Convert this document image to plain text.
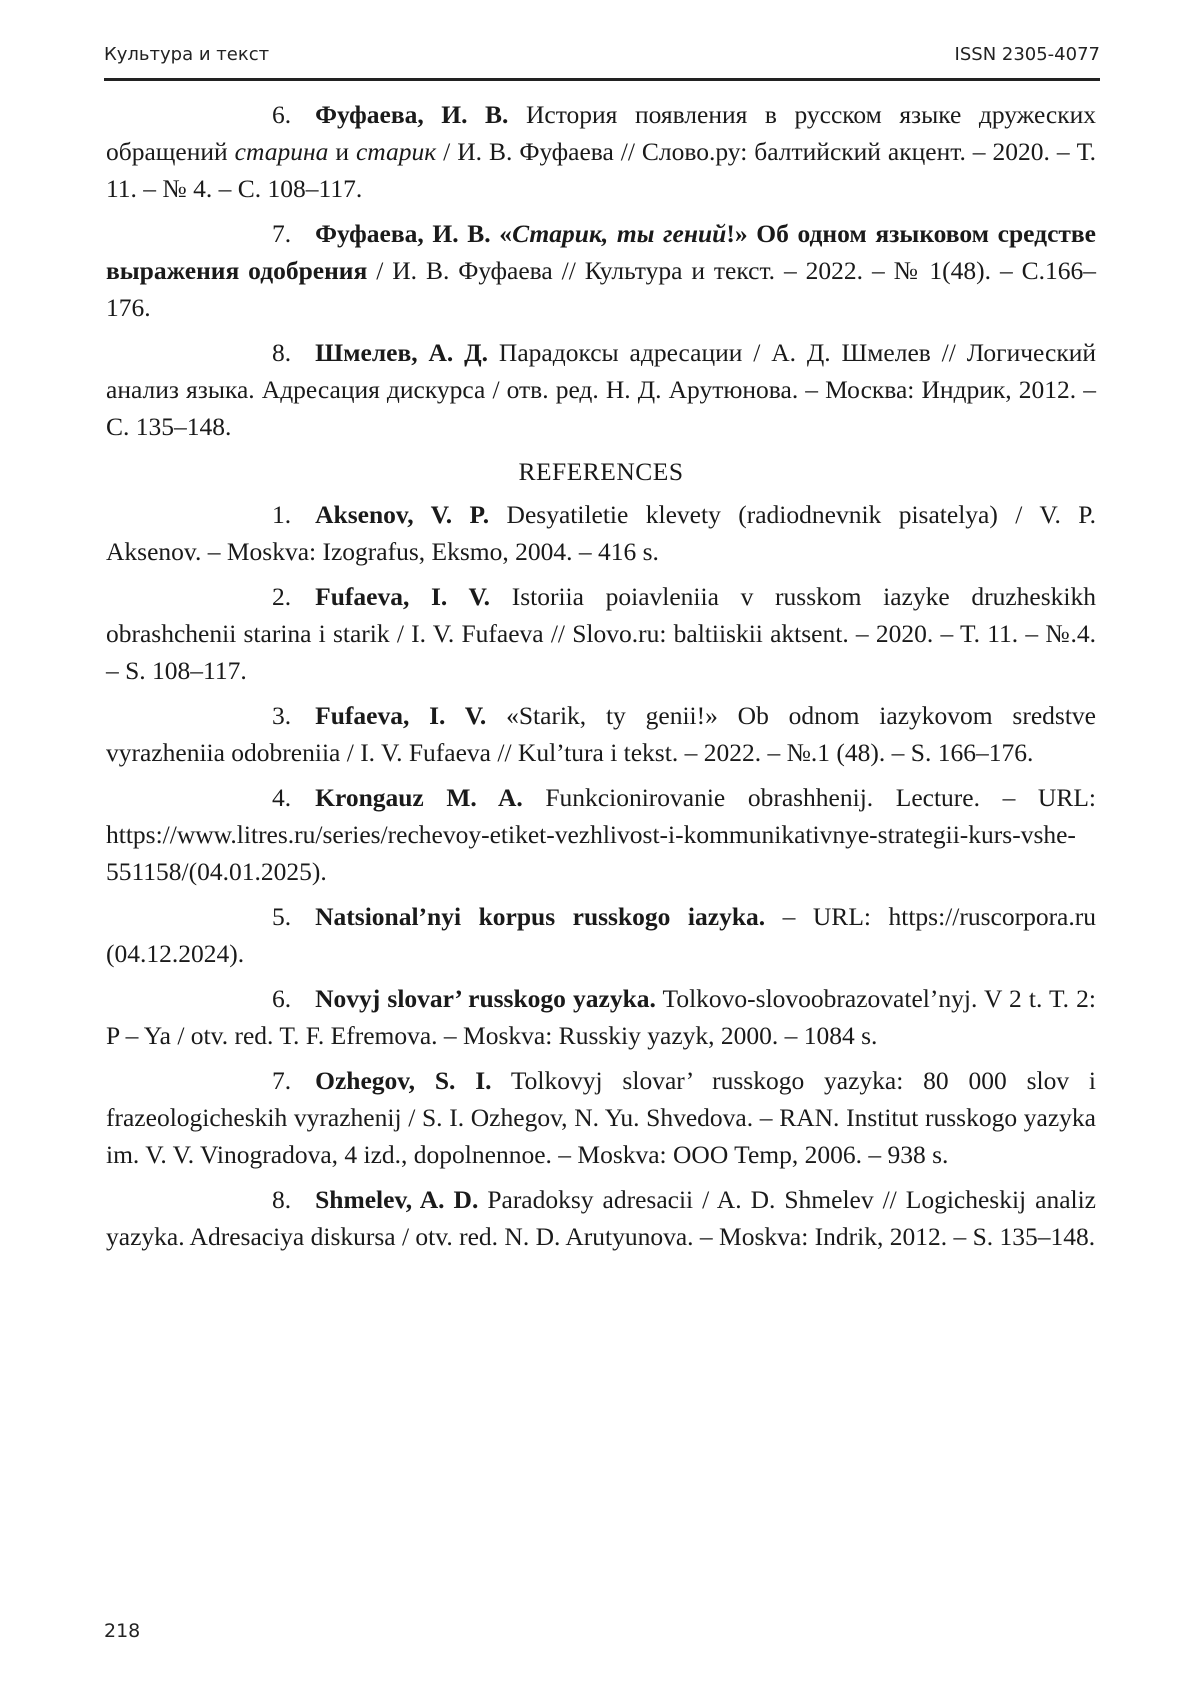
Культура и текст	ISSN 2305-4077

6. Фуфаева, И. В. История появления в русском языке дружеских обращений старина и старик / И. В. Фуфаева // Слово.ру: балтийский акцент. – 2020. – Т. 11. – № 4. – С. 108–117.

7. Фуфаева, И. В. «Старик, ты гений!» Об одном языковом средстве выражения одобрения / И. В. Фуфаева // Культура и текст. – 2022. – № 1(48). – С.166–176.

8. Шмелев, А. Д. Парадоксы адресации / А. Д. Шмелев // Логический анализ языка. Адресация дискурса / отв. ред. Н. Д. Арутюнова. – Москва: Индрик, 2012. – С. 135–148.

REFERENCES

1. Aksenov, V. P. Desyatiletie klevety (radiodnevnik pisatelya) / V. P. Aksenov. – Moskva: Izografus, Eksmo, 2004. – 416 s.

2. Fufaeva, I. V. Istoriia poiavleniia v russkom iazyke druzheskikh obrashchenii starina i starik / I. V. Fufaeva // Slovo.ru: baltiiskii aktsent. – 2020. – T. 11. – №.4. – S. 108–117.

3. Fufaeva, I. V. «Starik, ty genii!» Ob odnom iazykovom sredstve vyrazheniia odobreniia / I. V. Fufaeva // Kul’tura i tekst. – 2022. – №.1 (48). – S. 166–176.

4. Krongauz M. A. Funkcionirovanie obrashhenij. Lecture. – URL: https://www.litres.ru/series/rechevoy-etiket-vezhlivost-i-kommunikativnye-strategii-kurs-vshe-551158/(04.01.2025).

5. Natsional’nyi korpus russkogo iazyka. – URL: https://ruscorpora.ru (04.12.2024).

6. Novyj slovar’ russkogo yazyka. Tolkovo-slovoobrazovatel’nyj. V 2 t. T. 2: P – Ya / otv. red. T. F. Efremova. – Moskva: Russkiy yazyk, 2000. – 1084 s.

7. Ozhegov, S. I. Tolkovyj slovar’ russkogo yazyka: 80 000 slov i frazeologicheskih vyrazhenij / S. I. Ozhegov, N. Yu. Shvedova. – RAN. Institut russkogo yazyka im. V. V. Vinogradova, 4 izd., dopolnennoe. – Moskva: OOO Temp, 2006. – 938 s.

8. Shmelev, A. D. Paradoksy adresacii / A. D. Shmelev // Logicheskij analiz yazyka. Adresaciya diskursa / otv. red. N. D. Arutyunova. – Moskva: Indrik, 2012. – S. 135–148.

218
